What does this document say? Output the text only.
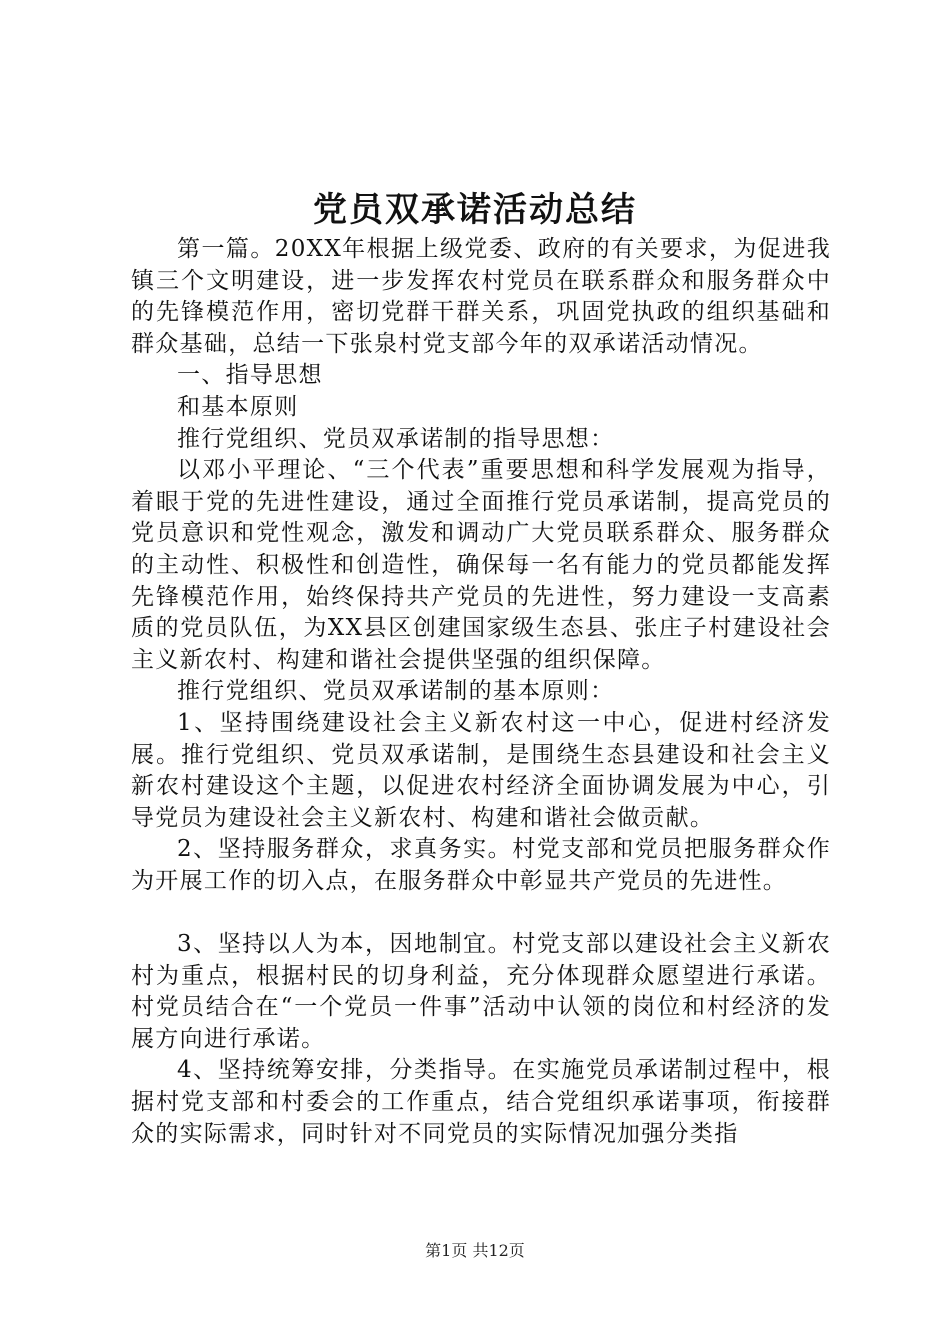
党员双承诺活动总结

第一篇。20XX年根据上级党委、政府的有关要求，为促进我镇三个文明建设，进一步发挥农村党员在联系群众和服务群众中的先锋模范作用，密切党群干群关系，巩固党执政的组织基础和群众基础，总结一下张泉村党支部今年的双承诺活动情况。

一、指导思想

和基本原则

推行党组织、党员双承诺制的指导思想：

以邓小平理论、“三个代表”重要思想和科学发展观为指导，着眼于党的先进性建设，通过全面推行党员承诺制，提高党员的党员意识和党性观念，激发和调动广大党员联系群众、服务群众的主动性、积极性和创造性，确保每一名有能力的党员都能发挥先锋模范作用，始终保持共产党员的先进性，努力建设一支高素质的党员队伍，为XX县区创建国家级生态县、张庄子村建设社会主义新农村、构建和谐社会提供坚强的组织保障。

推行党组织、党员双承诺制的基本原则：

1、坚持围绕建设社会主义新农村这一中心，促进村经济发展。推行党组织、党员双承诺制，是围绕生态县建设和社会主义新农村建设这个主题，以促进农村经济全面协调发展为中心，引导党员为建设社会主义新农村、构建和谐社会做贡献。

2、坚持服务群众，求真务实。村党支部和党员把服务群众作为开展工作的切入点，在服务群众中彰显共产党员的先进性。

3、坚持以人为本，因地制宜。村党支部以建设社会主义新农村为重点，根据村民的切身利益，充分体现群众愿望进行承诺。村党员结合在“一个党员一件事”活动中认领的岗位和村经济的发展方向进行承诺。

4、坚持统筹安排，分类指导。在实施党员承诺制过程中，根据村党支部和村委会的工作重点，结合党组织承诺事项，衔接群众的实际需求，同时针对不同党员的实际情况加强分类指

第1页 共12页
